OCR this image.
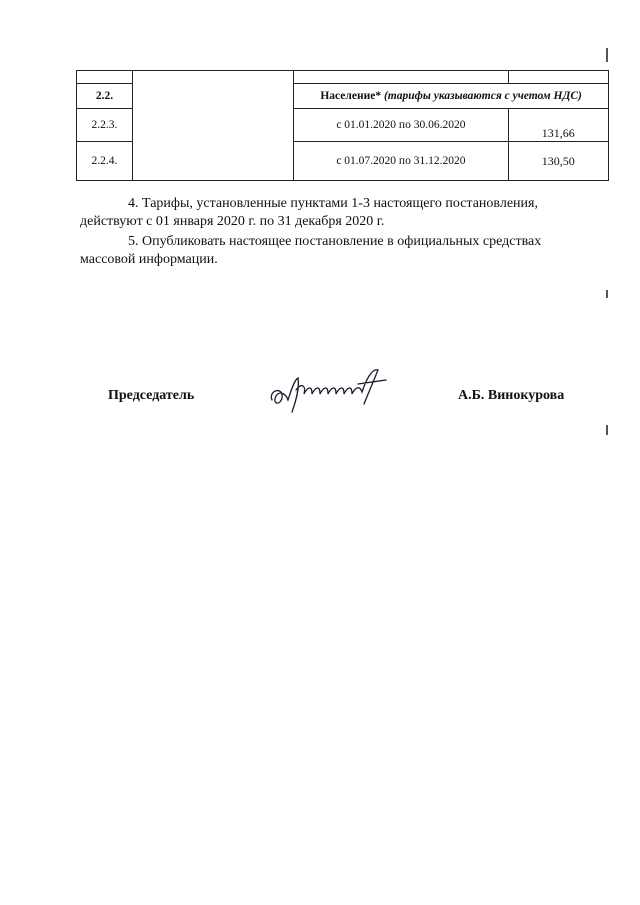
2.2.		Население* (тарифы указываются с учетом НДС)	
2.2.3.		с 01.01.2020 по 30.06.2020	131,66
2.2.4.		с 01.07.2020 по 31.12.2020	130,50

4. Тарифы, установленные пунктами 1-3 настоящего постановления,
действуют с 01 января 2020 г. по 31 декабря 2020 г.

5. Опубликовать настоящее постановление в официальных средствах
массовой информации.

Председатель	А.Б. Винокурова
